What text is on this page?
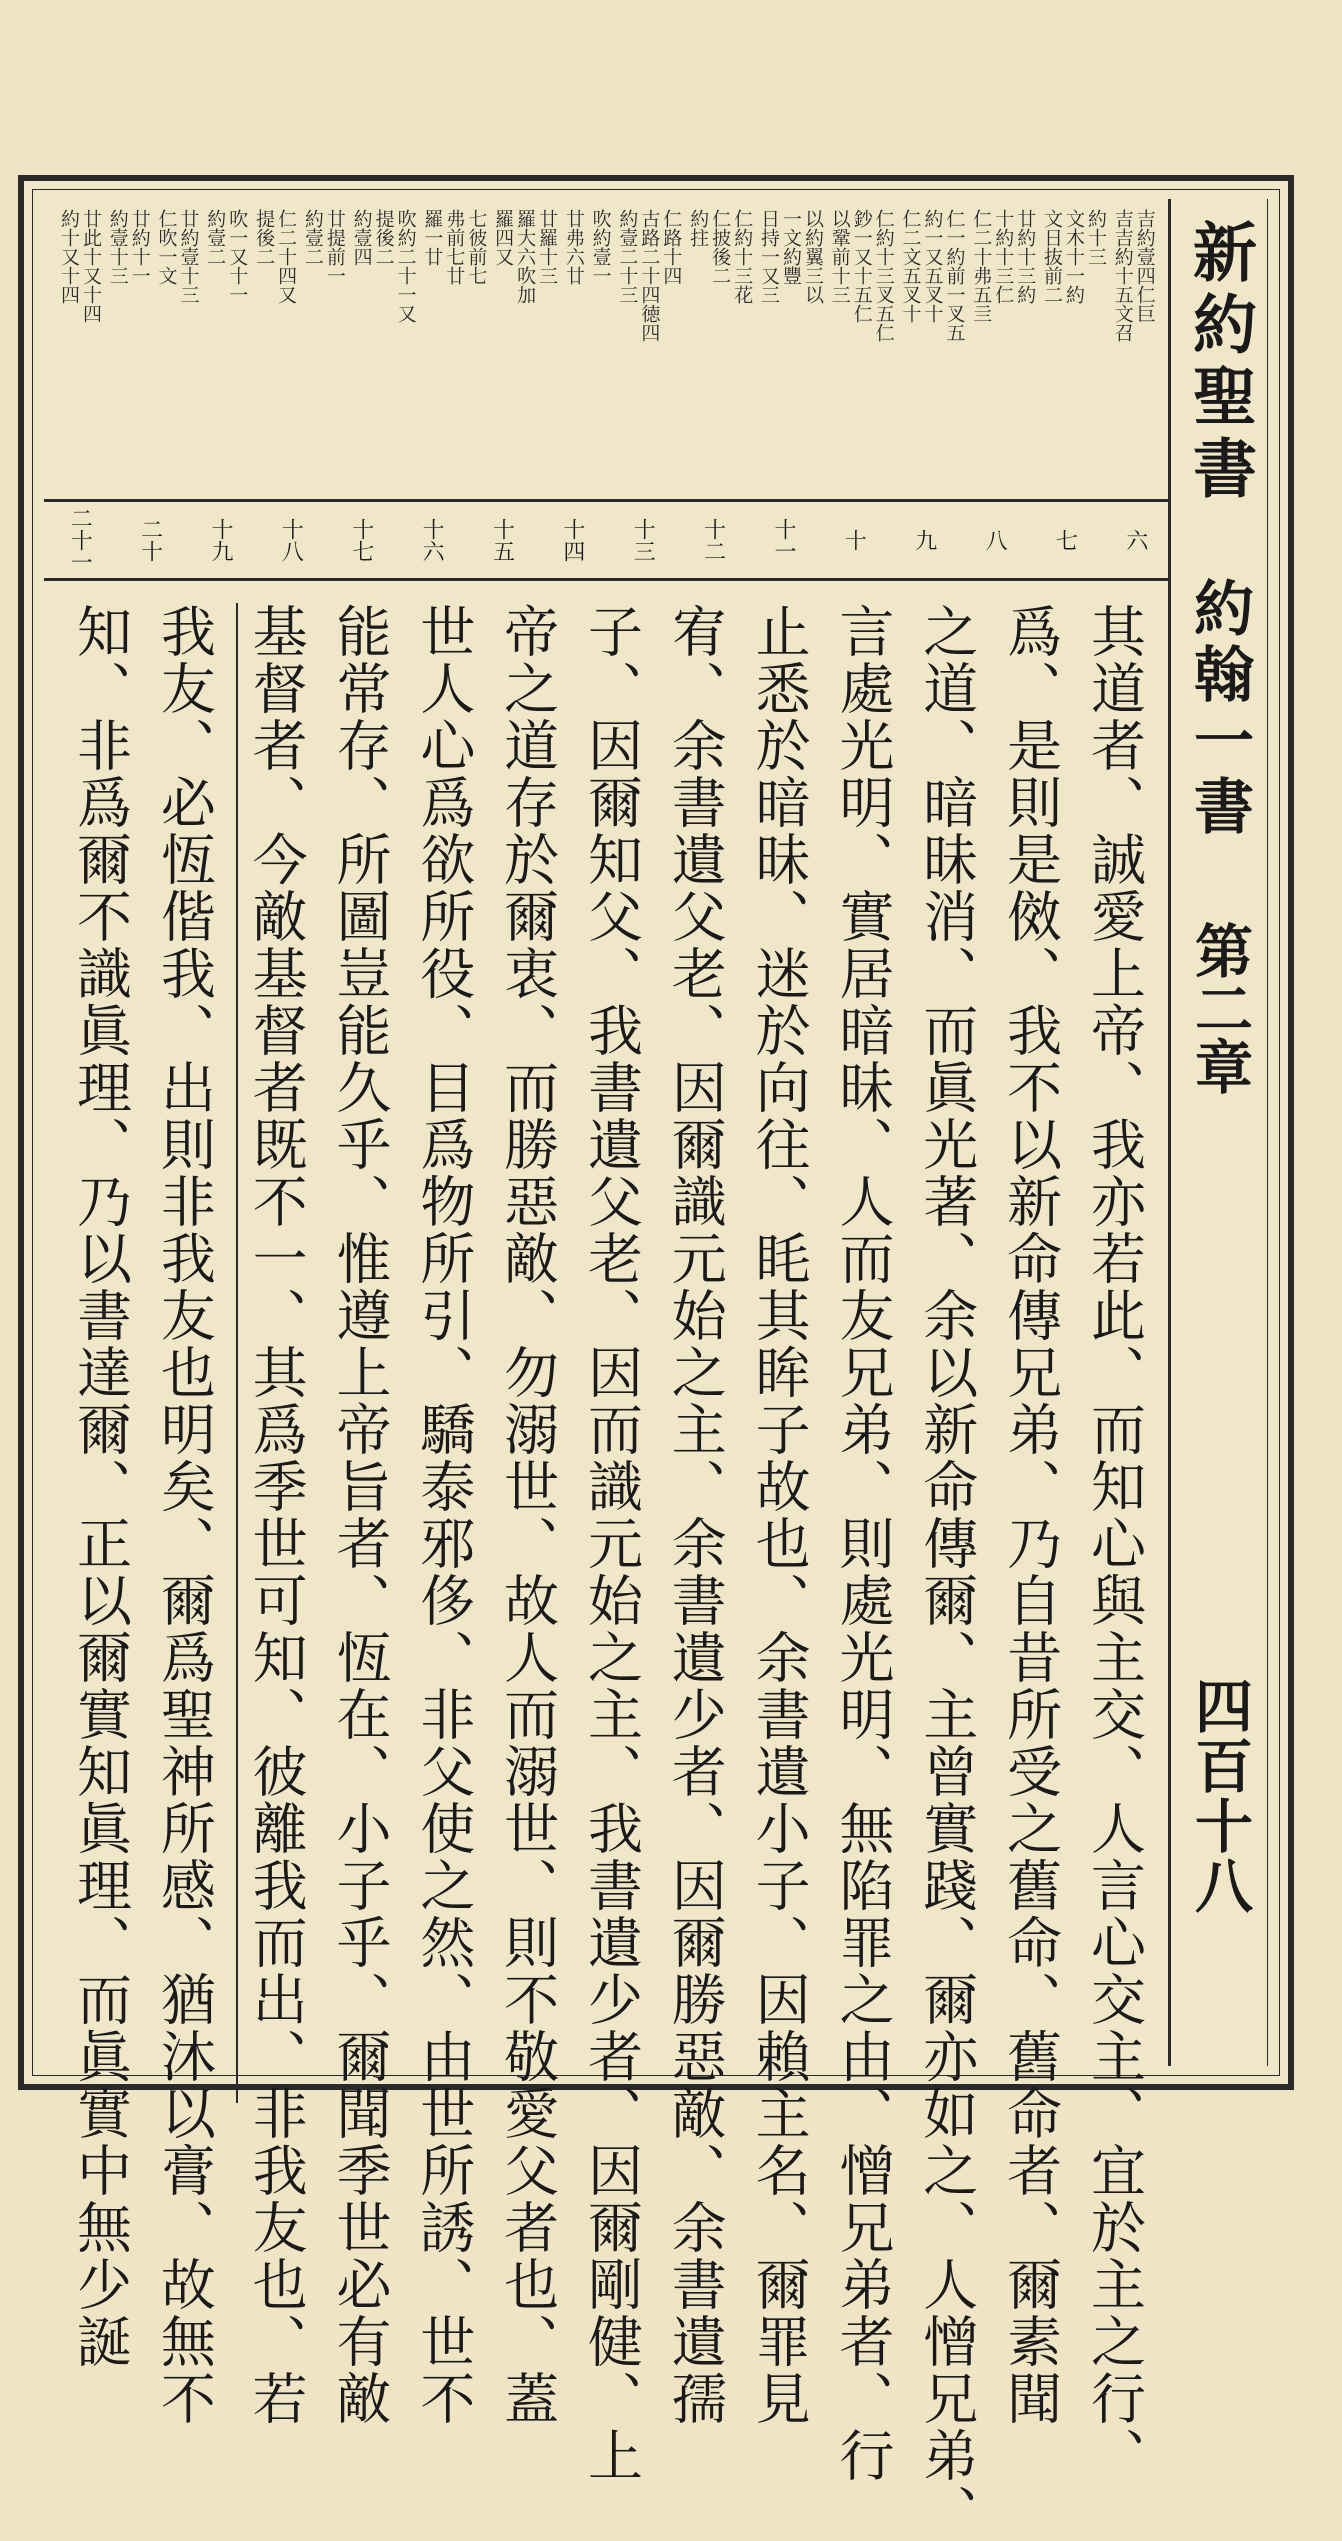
新約聖書
約翰一書
第二章
四百十八
吉約壹四仁巨
吉吉約十五文召
約十三
文木十一約
文日抜前二
廿約十三約
十約十三仁
仁二十弗五亖
仁一約前一叉五
約一又五叉十
仁二文五叉十
仁約十三叉五仁
鈔一又十五仁
以鞏前十三
以約翼三以
一文約豐
日持一又三
仁約十三花
仁披後二
約拄
仁路十四
古路二十四徳四
約壹二十三
吹約壹一
廿弗六廿
廿羅十三
羅大六吹加
羅四又
七彼前七
弗前七廿
羅一廿
吹約二十一又
提後二
約壹四
廿提前一
約壹二
仁二十四又
提後二
吹一又十一
約壹二
廿約壹十三
仁吹一文
廿約十一
約壹十三
廿此十又十四
約十又十四
六
七
八
九
十
十一
十二
十三
十四
十五
十六
十七
十八
十九
二十
二十一
其道者、誠愛上帝、我亦若此、而知心與主交、人言心交主、宜於主之行、
爲、是則是傚、我不以新命傳兄弟、乃自昔所受之舊命、舊命者、爾素聞
之道、暗昧消、而眞光著、余以新命傳爾、主曾實踐、爾亦如之、人憎兄弟、
言處光明、實居暗昧、人而友兄弟、則處光明、無陷罪之由、憎兄弟者、行
止悉於暗昧、迷於向往、眊其眸子故也、余書遺小子、因賴主名、爾罪見
宥、余書遺父老、因爾識元始之主、余書遺少者、因爾勝惡敵、余書遺孺
子、因爾知父、我書遺父老、因而識元始之主、我書遺少者、因爾剛健、上
帝之道存於爾衷、而勝惡敵、勿溺世、故人而溺世、則不敬愛父者也、蓋
世人心爲欲所役、目爲物所引、驕泰邪侈、非父使之然、由世所誘、世不
能常存、所圖豈能久乎、惟遵上帝旨者、恆在、小子乎、爾聞季世必有敵
基督者、今敵基督者既不一、其爲季世可知、彼離我而出、非我友也、若
我友、必恆偕我、出則非我友也明矣、爾爲聖神所感、猶沐以膏、故無不
知、非爲爾不識眞理、乃以書達爾、正以爾實知眞理、而眞實中無少誕
